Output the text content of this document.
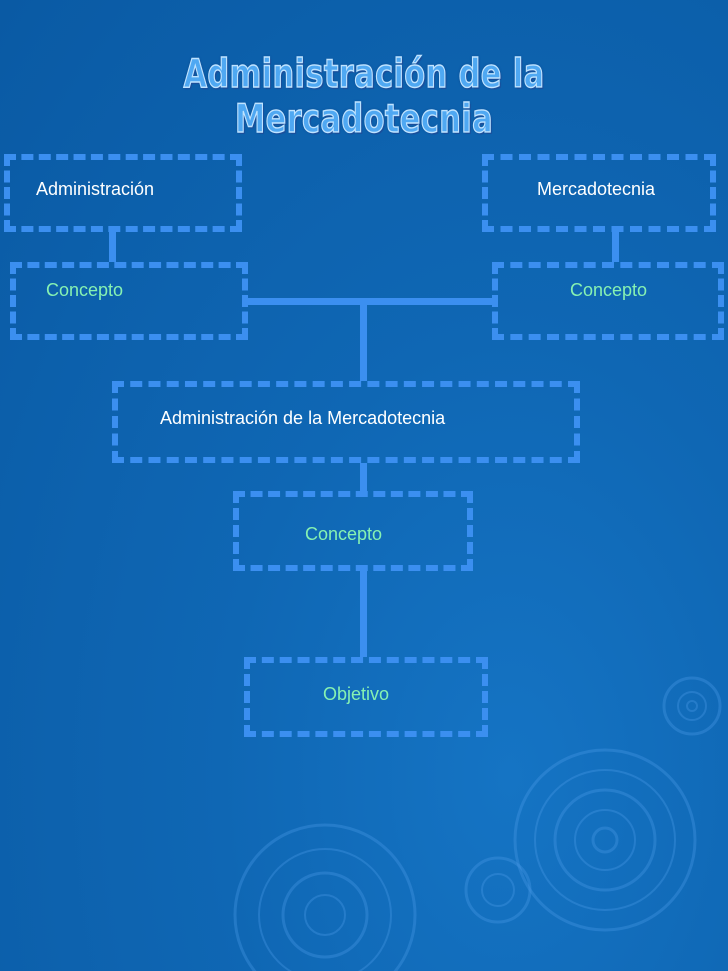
Administración de la Mercadotecnia
Administración	Mercadotecnia
Concepto	Concepto
Administración de la Mercadotecnia
Concepto
Objetivo
